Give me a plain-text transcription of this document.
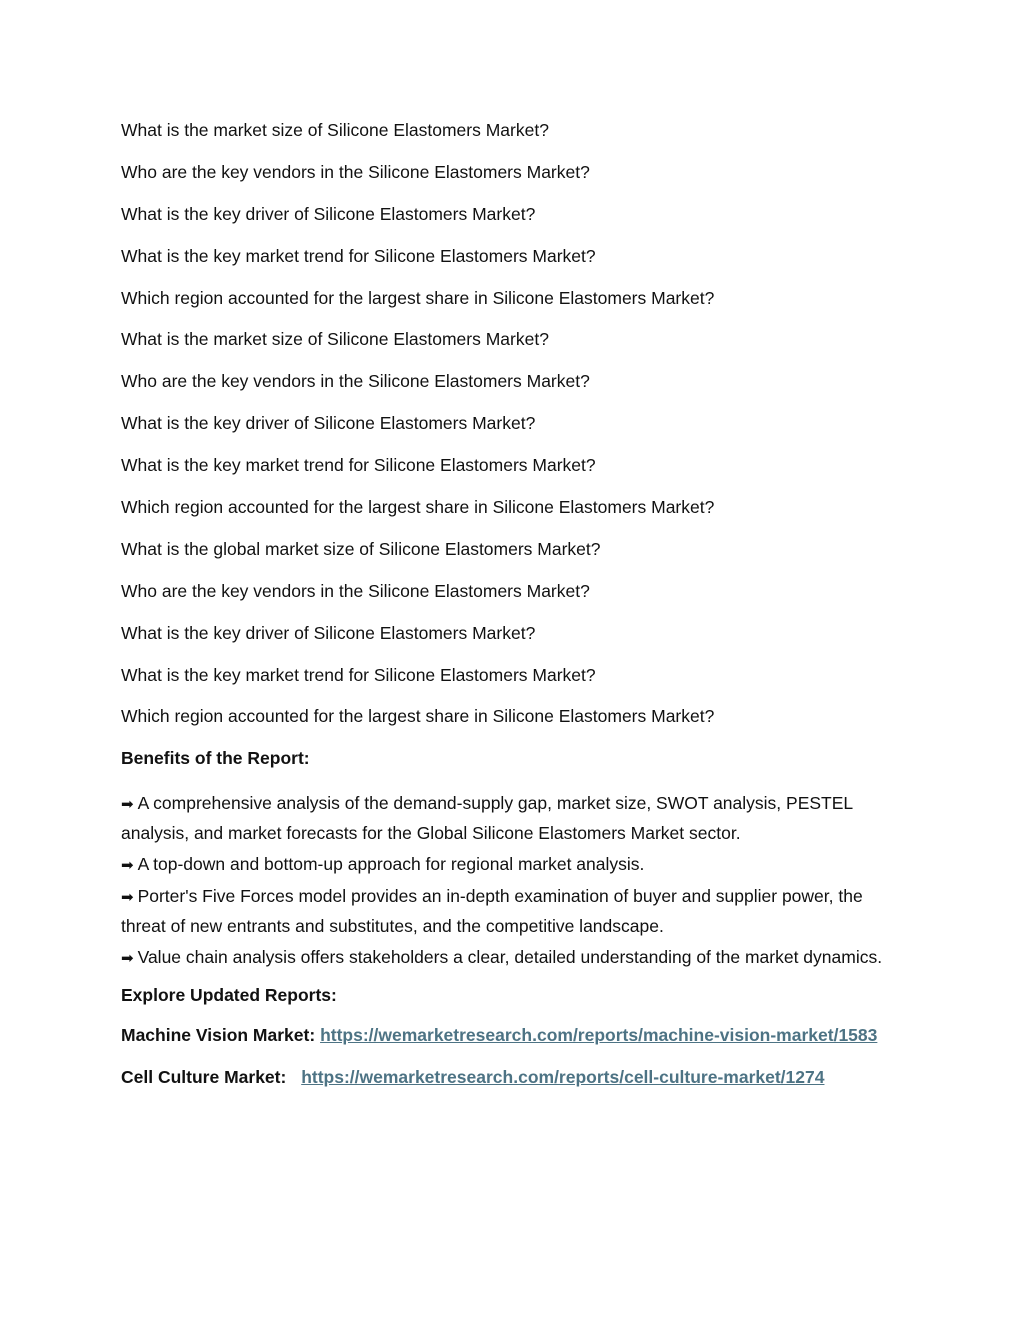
What is the market size of Silicone Elastomers Market?

Who are the key vendors in the Silicone Elastomers Market?

What is the key driver of Silicone Elastomers Market?

What is the key market trend for Silicone Elastomers Market?

Which region accounted for the largest share in Silicone Elastomers Market?

What is the market size of Silicone Elastomers Market?

Who are the key vendors in the Silicone Elastomers Market?

What is the key driver of Silicone Elastomers Market?

What is the key market trend for Silicone Elastomers Market?

Which region accounted for the largest share in Silicone Elastomers Market?

What is the global market size of Silicone Elastomers Market?

Who are the key vendors in the Silicone Elastomers Market?

What is the key driver of Silicone Elastomers Market?

What is the key market trend for Silicone Elastomers Market?

Which region accounted for the largest share in Silicone Elastomers Market?

Benefits of the Report:

➡ A comprehensive analysis of the demand-supply gap, market size, SWOT analysis, PESTEL analysis, and market forecasts for the Global Silicone Elastomers Market sector.

➡ A top-down and bottom-up approach for regional market analysis.

➡ Porter's Five Forces model provides an in-depth examination of buyer and supplier power, the threat of new entrants and substitutes, and the competitive landscape.

➡ Value chain analysis offers stakeholders a clear, detailed understanding of the market dynamics.

Explore Updated Reports:

Machine Vision Market: https://wemarketresearch.com/reports/machine-vision-market/1583

Cell Culture Market: https://wemarketresearch.com/reports/cell-culture-market/1274
